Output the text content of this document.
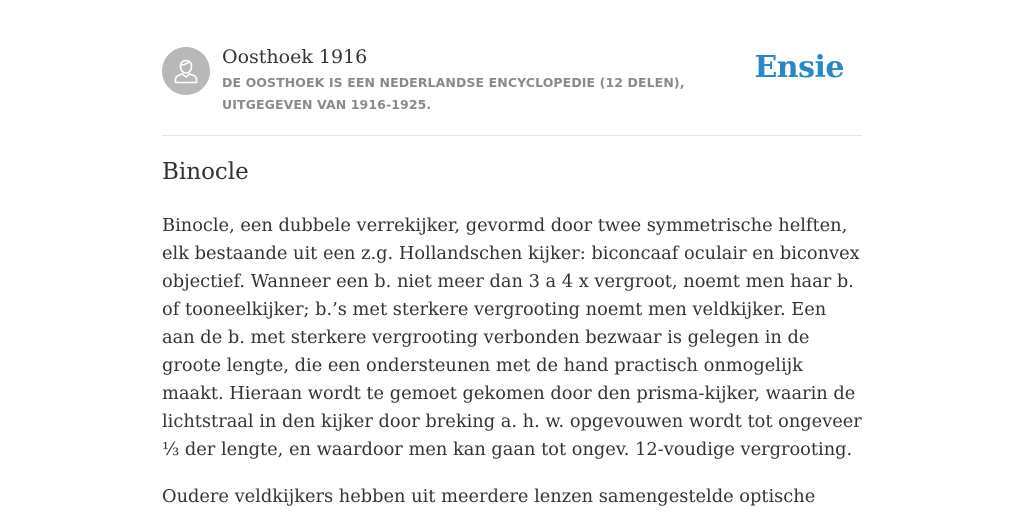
Oosthoek 1916
DE OOSTHOEK IS EEN NEDERLANDSE ENCYCLOPEDIE (12 DELEN), UITGEGEVEN VAN 1916-1925.
Ensie
Binocle

Binocle, een dubbele verrekijker, gevormd door twee symmetrische helften, elk bestaande uit een z.g. Hollandschen kijker: biconcaaf oculair en biconvex objectief. Wanneer een b. niet meer dan 3 a 4 x vergroot, noemt men haar b. of tooneelkijker; b.’s met sterkere vergrooting noemt men veldkijker. Een aan de b. met sterkere vergrooting verbonden bezwaar is gelegen in de groote lengte, die een ondersteunen met de hand practisch onmogelijk maakt. Hieraan wordt te gemoet gekomen door den prisma-kijker, waarin de lichtstraal in den kijker door breking a. h. w. opgevouwen wordt tot ongeveer ⅓ der lengte, en waardoor men kan gaan tot ongev. 12-voudige vergrooting.

Oudere veldkijkers hebben uit meerdere lenzen samengestelde optische
